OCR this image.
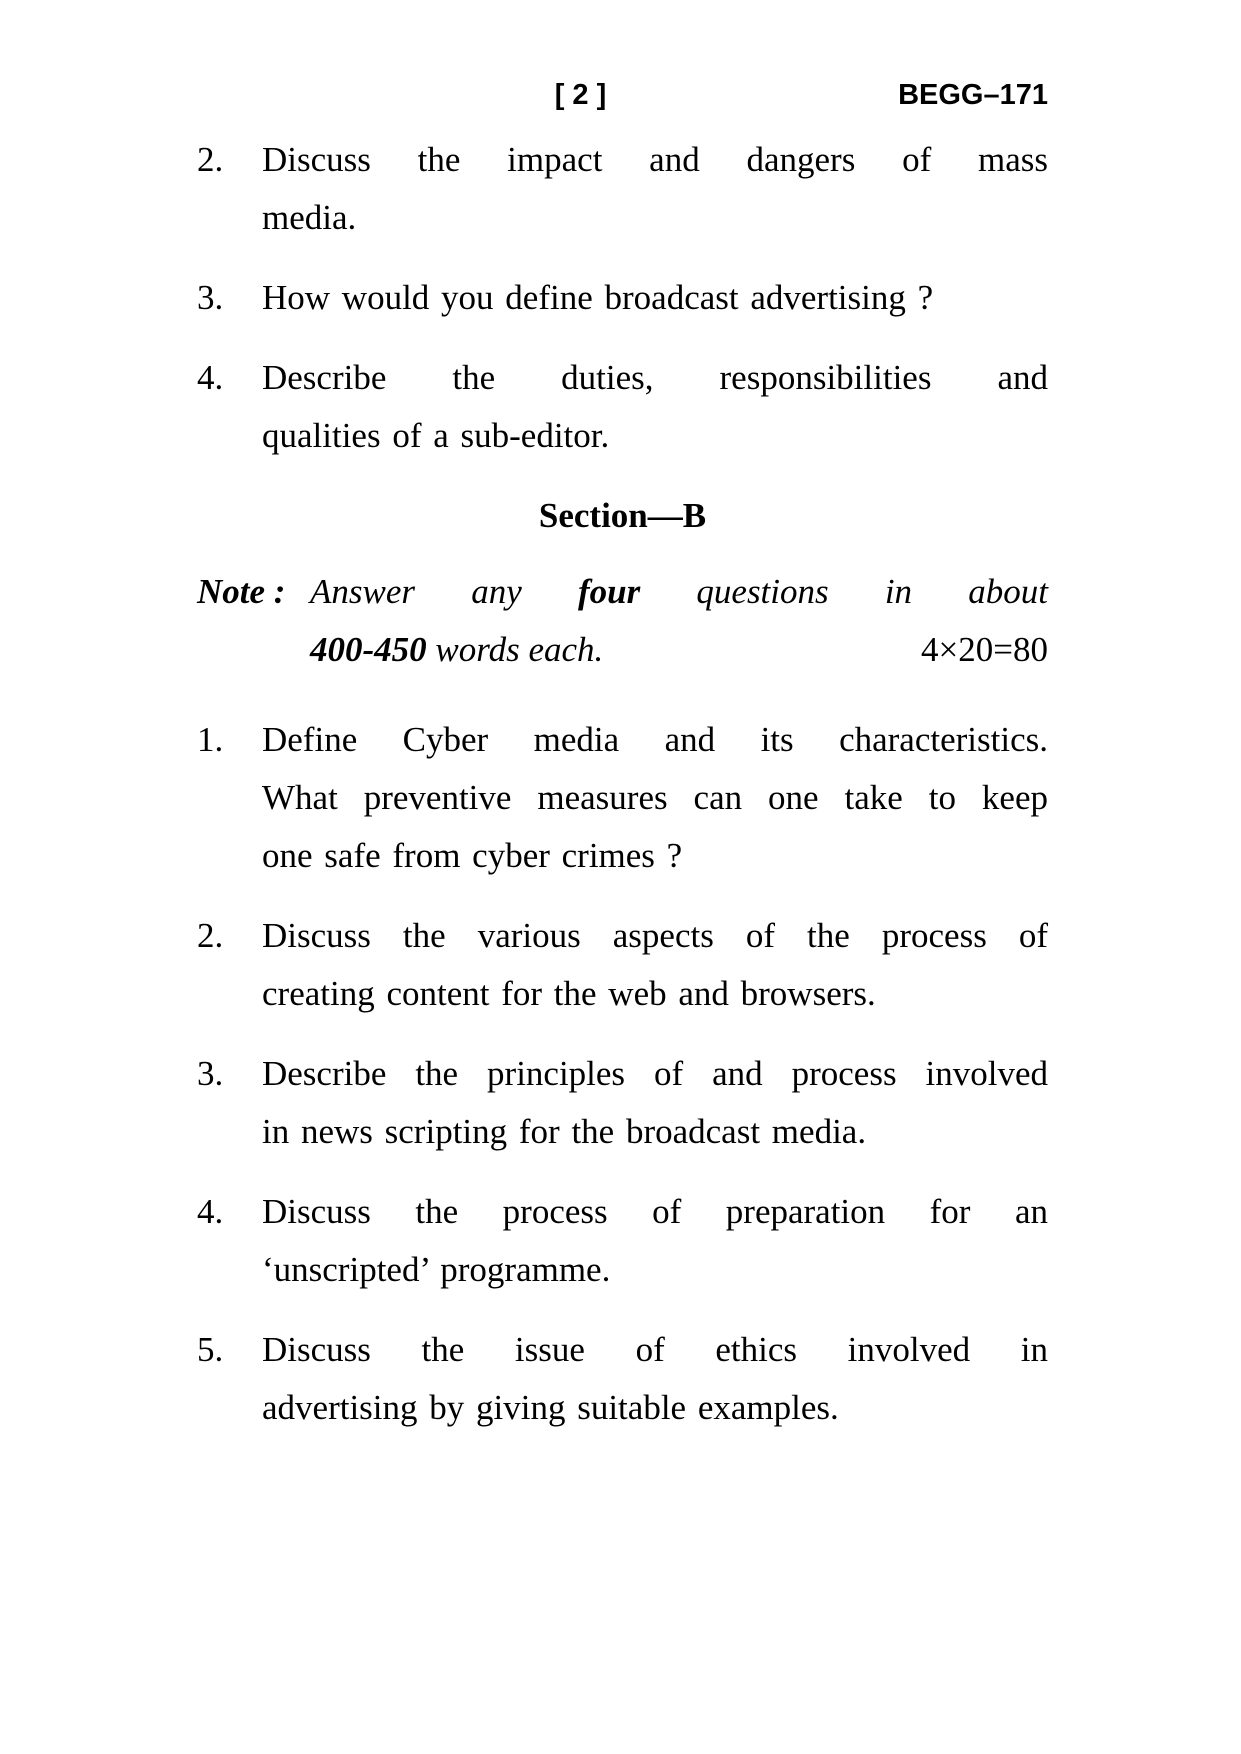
[ 2 ]	BEGG–171
2.	Discuss the impact and dangers of mass
media.
3.	How would you define broadcast advertising ?
4.	Describe the duties, responsibilities and
qualities of a sub-editor.
Section—B
Note : Answer any four questions in about
400-450 words each.	4×20=80
1.	Define Cyber media and its characteristics.
What preventive measures can one take to keep
one safe from cyber crimes ?
2.	Discuss the various aspects of the process of
creating content for the web and browsers.
3.	Describe the principles of and process involved
in news scripting for the broadcast media.
4.	Discuss the process of preparation for an
‘unscripted’ programme.
5.	Discuss the issue of ethics involved in
advertising by giving suitable examples.
